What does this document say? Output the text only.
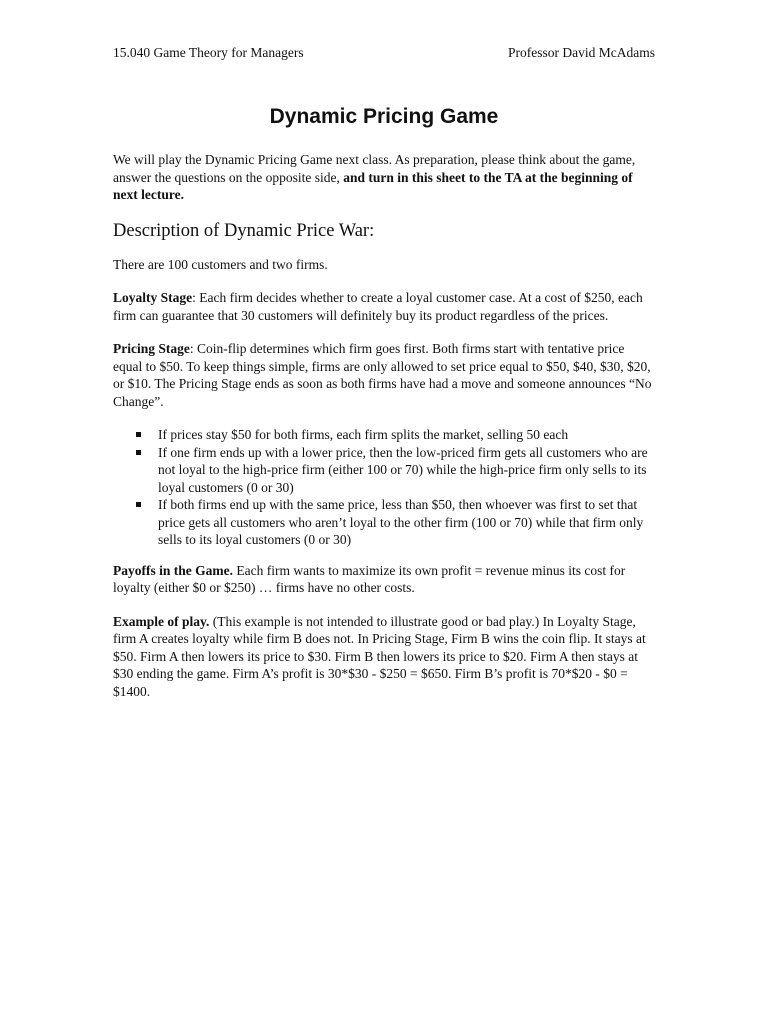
15.040 Game Theory for Managers	Professor David McAdams
Dynamic Pricing Game

We will play the Dynamic Pricing Game next class. As preparation, please think about the game, answer the questions on the opposite side, and turn in this sheet to the TA at the beginning of next lecture.

Description of Dynamic Price War:

There are 100 customers and two firms.

Loyalty Stage: Each firm decides whether to create a loyal customer case. At a cost of $250, each firm can guarantee that 30 customers will definitely buy its product regardless of the prices.

Pricing Stage: Coin-flip determines which firm goes first. Both firms start with tentative price equal to $50. To keep things simple, firms are only allowed to set price equal to $50, $40, $30, $20, or $10. The Pricing Stage ends as soon as both firms have had a move and someone announces “No Change”.

If prices stay $50 for both firms, each firm splits the market, selling 50 each
If one firm ends up with a lower price, then the low-priced firm gets all customers who are not loyal to the high-price firm (either 100 or 70) while the high-price firm only sells to its loyal customers (0 or 30)
If both firms end up with the same price, less than $50, then whoever was first to set that price gets all customers who aren’t loyal to the other firm (100 or 70) while that firm only sells to its loyal customers (0 or 30)

Payoffs in the Game. Each firm wants to maximize its own profit = revenue minus its cost for loyalty (either $0 or $250) … firms have no other costs.

Example of play. (This example is not intended to illustrate good or bad play.) In Loyalty Stage, firm A creates loyalty while firm B does not. In Pricing Stage, Firm B wins the coin flip. It stays at $50. Firm A then lowers its price to $30. Firm B then lowers its price to $20. Firm A then stays at $30 ending the game. Firm A’s profit is 30*$30 - $250 = $650. Firm B’s profit is 70*$20 - $0 = $1400.
